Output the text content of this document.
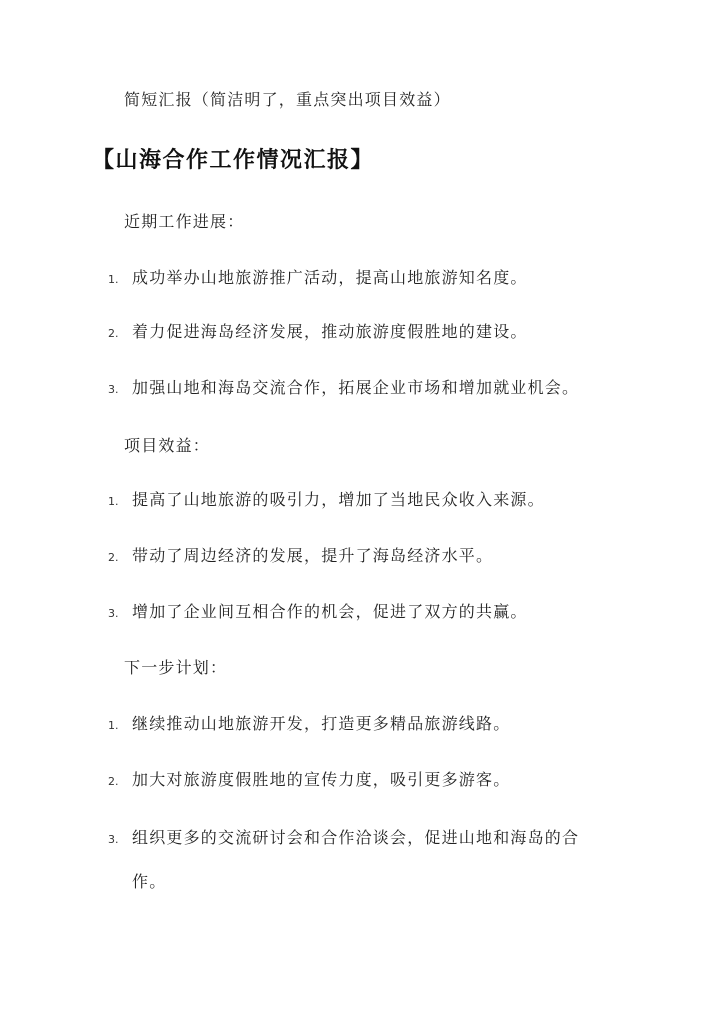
简短汇报（简洁明了，重点突出项目效益）
【山海合作工作情况汇报】
近期工作进展：
1. 成功举办山地旅游推广活动，提高山地旅游知名度。
2. 着力促进海岛经济发展，推动旅游度假胜地的建设。
3. 加强山地和海岛交流合作，拓展企业市场和增加就业机会。
项目效益：
1. 提高了山地旅游的吸引力，增加了当地民众收入来源。
2. 带动了周边经济的发展，提升了海岛经济水平。
3. 增加了企业间互相合作的机会，促进了双方的共赢。
下一步计划：
1. 继续推动山地旅游开发，打造更多精品旅游线路。
2. 加大对旅游度假胜地的宣传力度，吸引更多游客。
3. 组织更多的交流研讨会和合作洽谈会，促进山地和海岛的合
作。
